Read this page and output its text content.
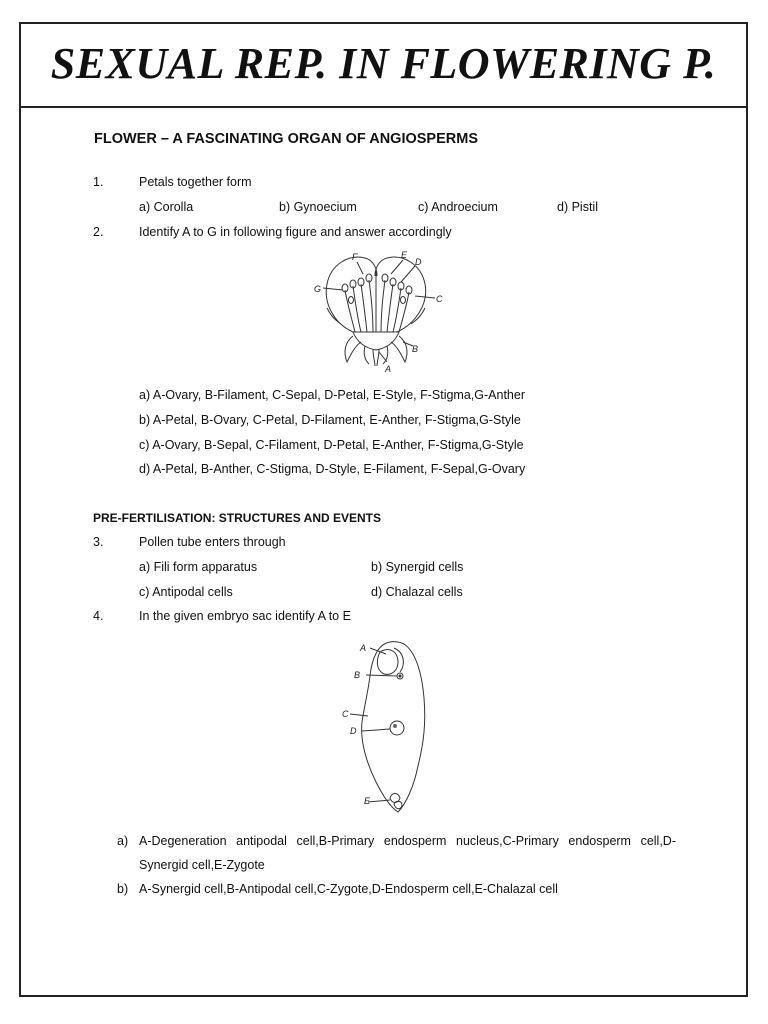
SEXUAL REP. IN FLOWERING P.
FLOWER – A FASCINATING ORGAN OF ANGIOSPERMS
1.	Petals together form
a) Corolla	b) Gynoecium	c) Androecium	d) Pistil
2.	Identify A to G in following figure and answer accordingly
F	E
D
G
C
B
A
a) A-Ovary, B-Filament, C-Sepal, D-Petal, E-Style, F-Stigma,G-Anther
b) A-Petal, B-Ovary, C-Petal, D-Filament, E-Anther, F-Stigma,G-Style
c) A-Ovary, B-Sepal, C-Filament, D-Petal, E-Anther, F-Stigma,G-Style
d) A-Petal, B-Anther, C-Stigma, D-Style, E-Filament, F-Sepal,G-Ovary
PRE-FERTILISATION: STRUCTURES AND EVENTS
3.	Pollen tube enters through
a) Fili form apparatus	b) Synergid cells
c) Antipodal cells	d) Chalazal cells
4.	In the given embryo sac identify A to E
A
B
C
D
E
a) A-Degeneration antipodal cell,B-Primary endosperm nucleus,C-Primary endosperm cell,D-
Synergid cell,E-Zygote
b) A-Synergid cell,B-Antipodal cell,C-Zygote,D-Endosperm cell,E-Chalazal cell
